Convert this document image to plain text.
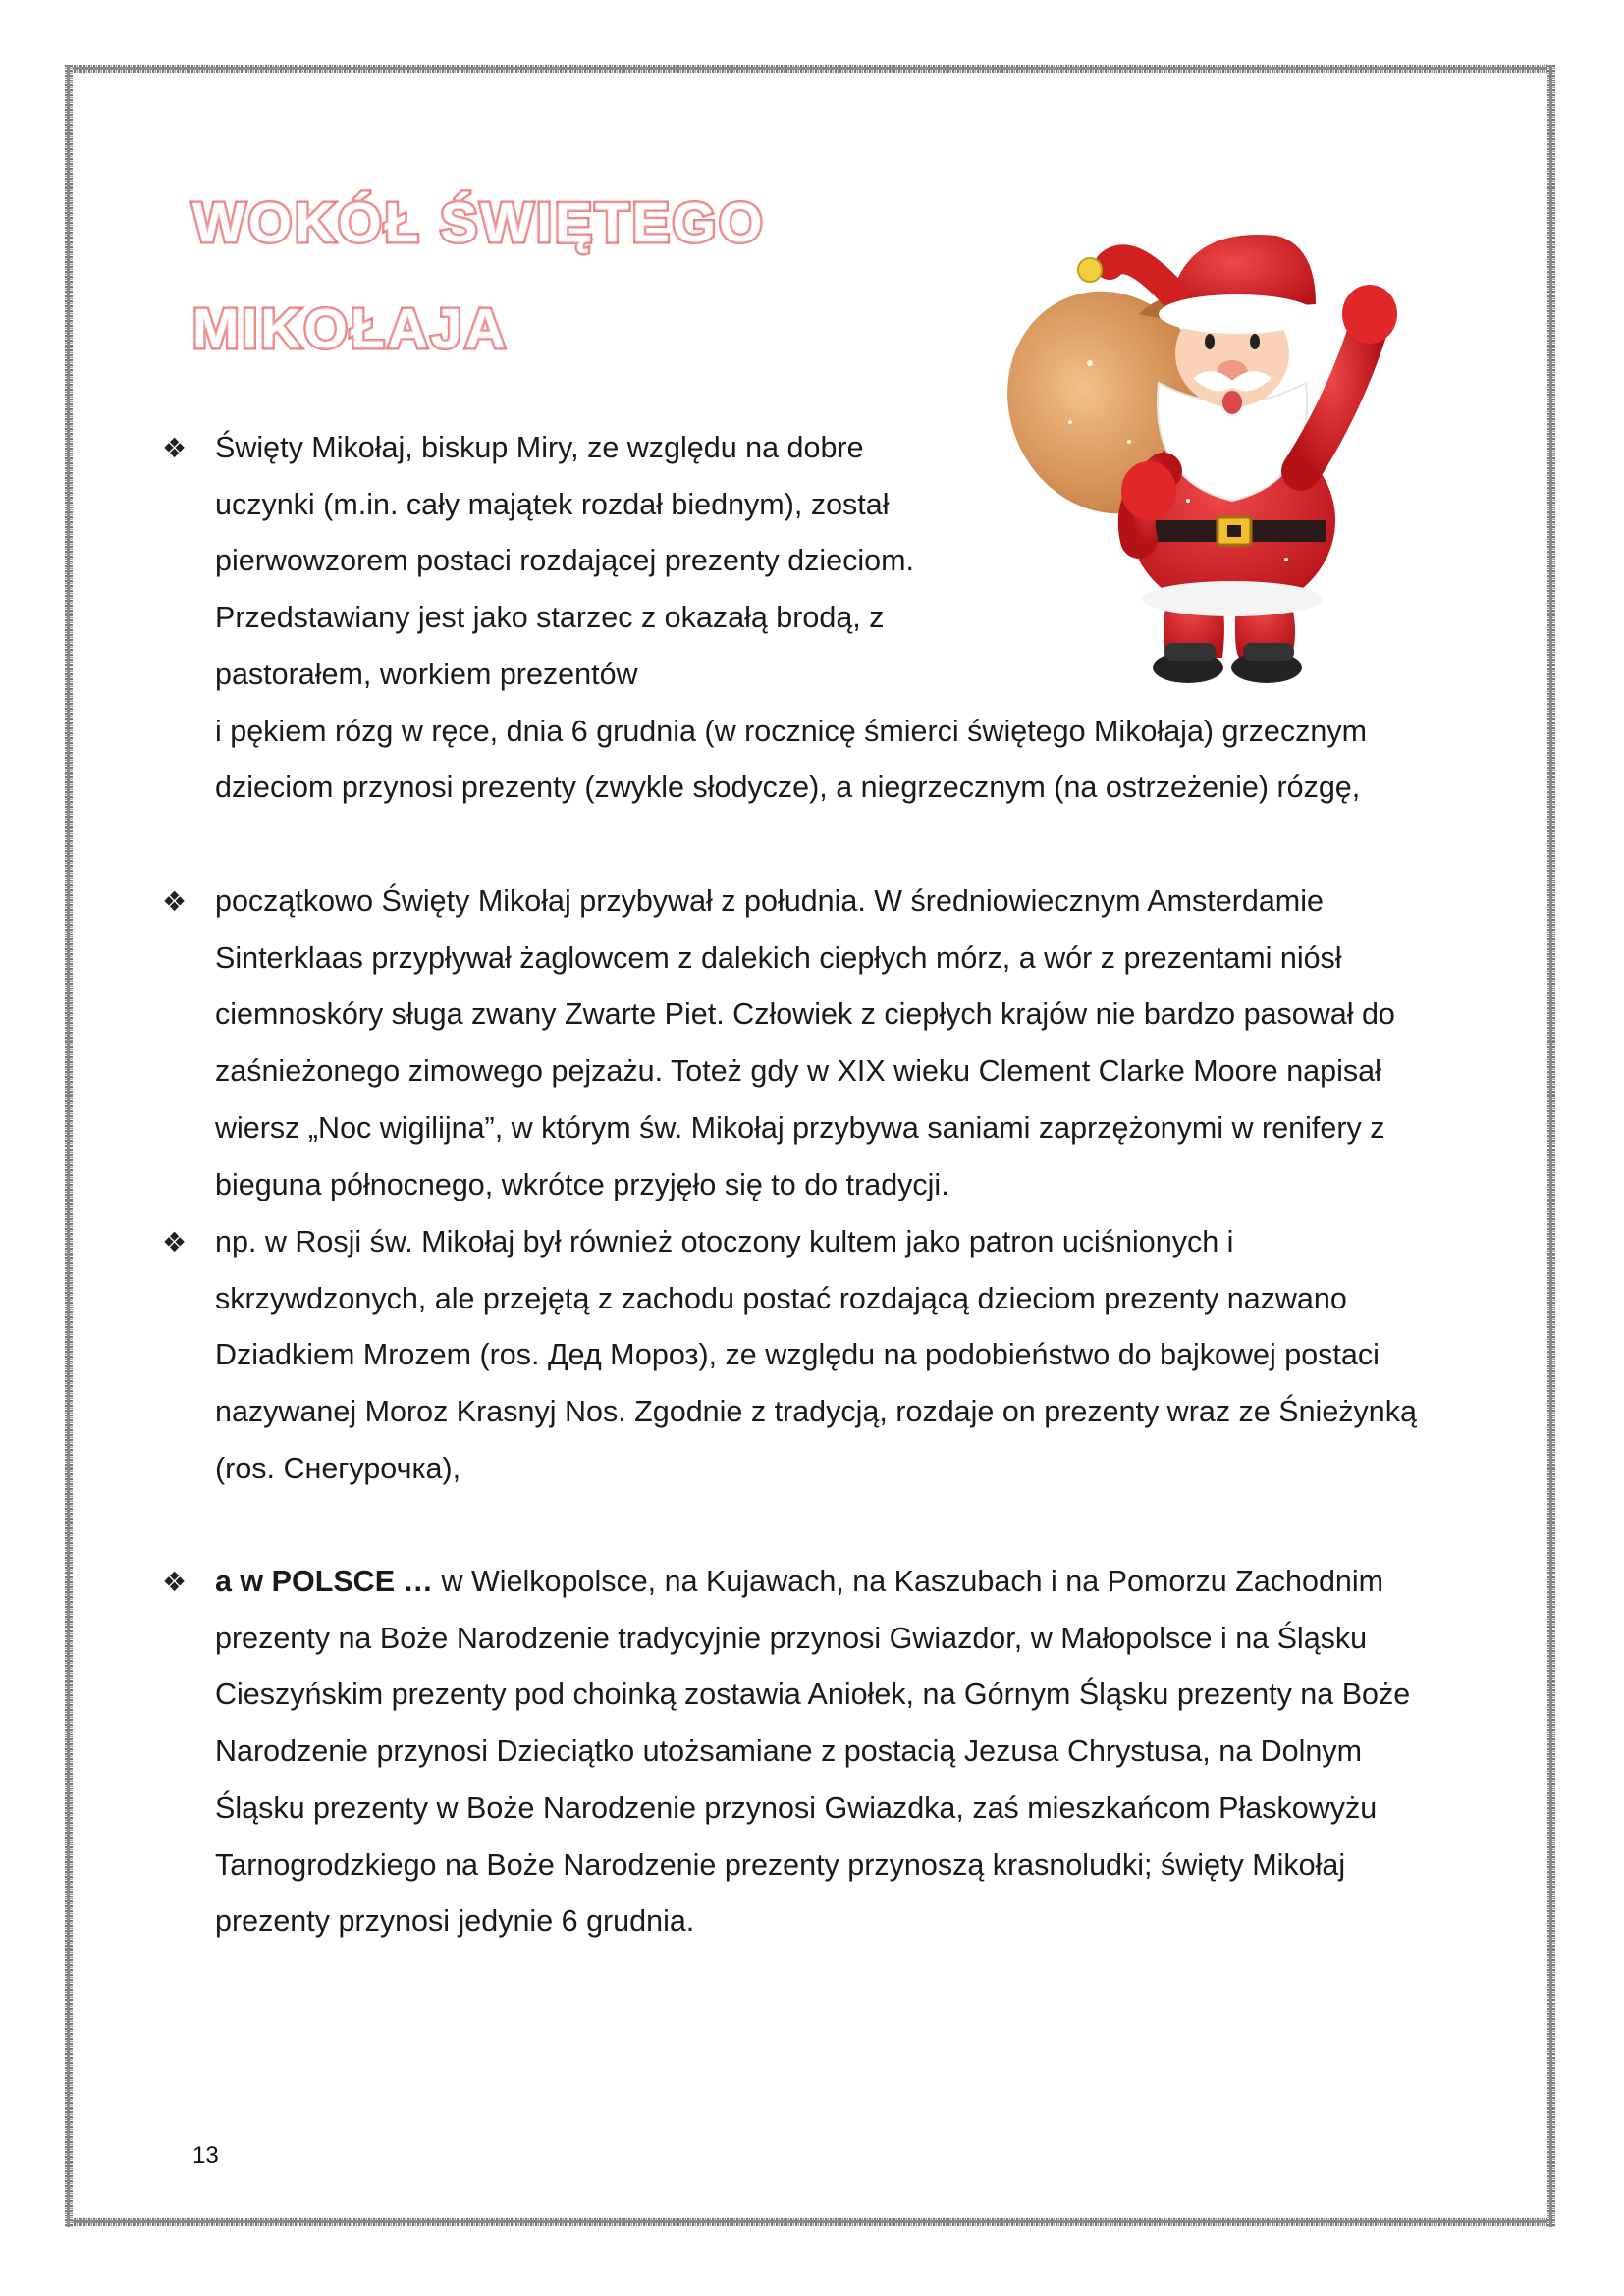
WOKÓŁ ŚWIĘTEGO
MIKOŁAJA
❖ Święty Mikołaj, biskup Miry, ze względu na dobre uczynki (m.in. cały majątek rozdał biednym), został pierwowzorem postaci rozdającej prezenty dzieciom. Przedstawiany jest jako starzec z okazałą brodą, z pastorałem, workiem prezentów

i pękiem rózg w ręce, dnia 6 grudnia (w rocznicę śmierci świętego Mikołaja) grzecznym dzieciom przynosi prezenty (zwykle słodycze), a niegrzecznym (na ostrzeżenie) rózgę,

❖ początkowo Święty Mikołaj przybywał z południa. W średniowiecznym Amsterdamie Sinterklaas przypływał żaglowcem z dalekich ciepłych mórz, a wór z prezentami niósł ciemnoskóry sługa zwany Zwarte Piet. Człowiek z ciepłych krajów nie bardzo pasował do zaśnieżonego zimowego pejzażu. Toteż gdy w XIX wieku Clement Clarke Moore napisał wiersz „Noc wigilijna”, w którym św. Mikołaj przybywa saniami zaprzężonymi w renifery z bieguna północnego, wkrótce przyjęło się to do tradycji.

❖ np. w Rosji św. Mikołaj był również otoczony kultem jako patron uciśnionych i skrzywdzonych, ale przejętą z zachodu postać rozdającą dzieciom prezenty nazwano Dziadkiem Mrozem (ros. Дед Мороз), ze względu na podobieństwo do bajkowej postaci nazywanej Moroz Krasnyj Nos. Zgodnie z tradycją, rozdaje on prezenty wraz ze Śnieżynką (ros. Снегурочка),

❖ a w POLSCE … w Wielkopolsce, na Kujawach, na Kaszubach i na Pomorzu Zachodnim prezenty na Boże Narodzenie tradycyjnie przynosi Gwiazdor, w Małopolsce i na Śląsku Cieszyńskim prezenty pod choinką zostawia Aniołek, na Górnym Śląsku prezenty na Boże Narodzenie przynosi Dzieciątko utożsamiane z postacią Jezusa Chrystusa, na Dolnym Śląsku prezenty w Boże Narodzenie przynosi Gwiazdka, zaś mieszkańcom Płaskowyżu Tarnogrodzkiego na Boże Narodzenie prezenty przynoszą krasnoludki; święty Mikołaj prezenty przynosi jedynie 6 grudnia.

13
